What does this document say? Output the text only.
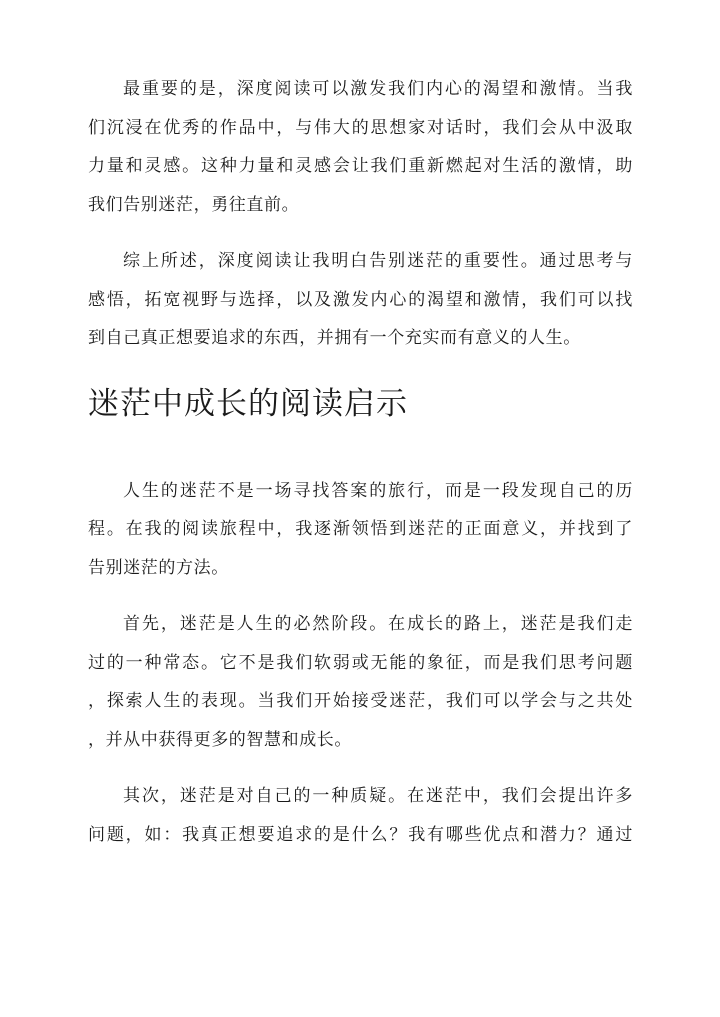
最重要的是，深度阅读可以激发我们内心的渴望和激情。当我
们沉浸在优秀的作品中，与伟大的思想家对话时，我们会从中汲取
力量和灵感。这种力量和灵感会让我们重新燃起对生活的激情，助
我们告别迷茫，勇往直前。

综上所述，深度阅读让我明白告别迷茫的重要性。通过思考与
感悟，拓宽视野与选择，以及激发内心的渴望和激情，我们可以找
到自己真正想要追求的东西，并拥有一个充实而有意义的人生。

迷茫中成长的阅读启示

人生的迷茫不是一场寻找答案的旅行，而是一段发现自己的历
程。在我的阅读旅程中，我逐渐领悟到迷茫的正面意义，并找到了
告别迷茫的方法。

首先，迷茫是人生的必然阶段。在成长的路上，迷茫是我们走
过的一种常态。它不是我们软弱或无能的象征，而是我们思考问题
，探索人生的表现。当我们开始接受迷茫，我们可以学会与之共处
，并从中获得更多的智慧和成长。

其次，迷茫是对自己的一种质疑。在迷茫中，我们会提出许多
问题，如：我真正想要追求的是什么？我有哪些优点和潜力？通过
